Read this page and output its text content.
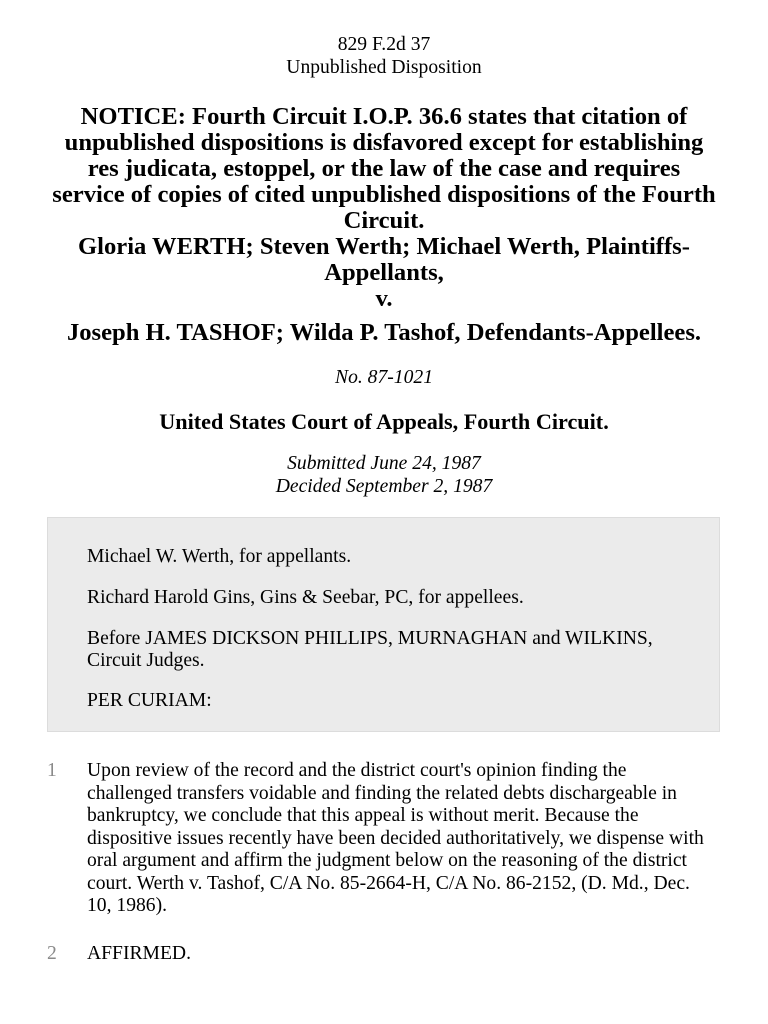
829 F.2d 37
Unpublished Disposition
NOTICE: Fourth Circuit I.O.P. 36.6 states that citation of
unpublished dispositions is disfavored except for establishing
res judicata, estoppel, or the law of the case and requires
service of copies of cited unpublished dispositions of the Fourth
Circuit.
Gloria WERTH; Steven Werth; Michael Werth, Plaintiffs-
Appellants,
v.
Joseph H. TASHOF; Wilda P. Tashof, Defendants-Appellees.
No. 87-1021
United States Court of Appeals, Fourth Circuit.
Submitted June 24, 1987
Decided September 2, 1987
Michael W. Werth, for appellants.
Richard Harold Gins, Gins & Seebar, PC, for appellees.
Before JAMES DICKSON PHILLIPS, MURNAGHAN and WILKINS,
Circuit Judges.
PER CURIAM:
1 Upon review of the record and the district court's opinion finding the
challenged transfers voidable and finding the related debts dischargeable in
bankruptcy, we conclude that this appeal is without merit. Because the
dispositive issues recently have been decided authoritatively, we dispense with
oral argument and affirm the judgment below on the reasoning of the district
court. Werth v. Tashof, C/A No. 85-2664-H, C/A No. 86-2152, (D. Md., Dec.
10, 1986).
2 AFFIRMED.
